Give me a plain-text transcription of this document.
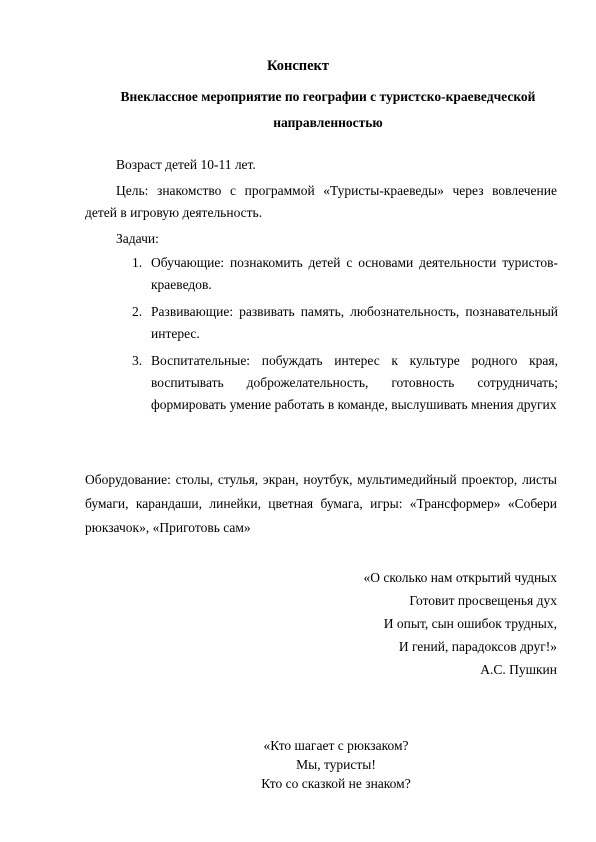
Конспект
Внеклассное мероприятие по географии с туристско-краеведческой направленностью
Возраст детей 10-11 лет.
Цель: знакомство с программой «Туристы-краеведы» через вовлечение детей в игровую деятельность.
Задачи:
1. Обучающие: познакомить детей с основами деятельности туристов-краеведов.
2. Развивающие: развивать память, любознательность, познавательный интерес.
3. Воспитательные: побуждать интерес к культуре родного края, воспитывать доброжелательность, готовность сотрудничать; формировать умение работать в команде, выслушивать мнения других
Оборудование: столы, стулья, экран, ноутбук, мультимедийный проектор, листы бумаги, карандаши, линейки, цветная бумага, игры: «Трансформер» «Собери рюкзачок», «Приготовь сам»
«О сколько нам открытий чудных
Готовит просвещенья дух
И опыт, сын ошибок трудных,
И гений, парадоксов друг!»
А.С. Пушкин
«Кто шагает с рюкзаком?
Мы, туристы!
Кто со сказкой не знаком?
